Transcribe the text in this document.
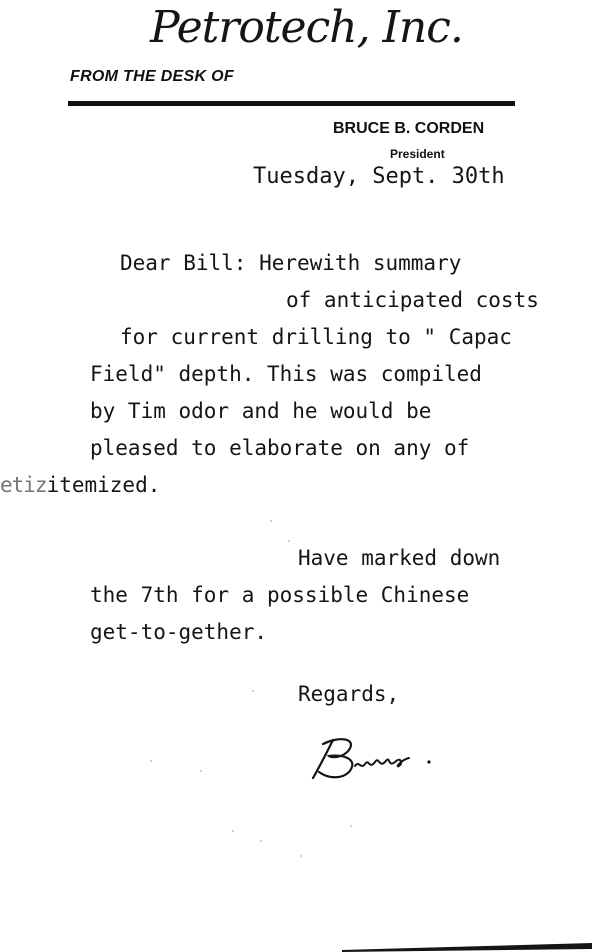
Petrotech, Inc.
FROM THE DESK OF
BRUCE B. CORDEN
President
Tuesday, Sept. 30th
Dear Bill: Herewith summary
of anticipated costs
for current drilling to " Capac
Field" depth. This was compiled
by Tim odor and he would be
pleased to elaborate on any of
etizitemized.
Have marked down
the 7th for a possible Chinese
get-to-gether.
Regards,
